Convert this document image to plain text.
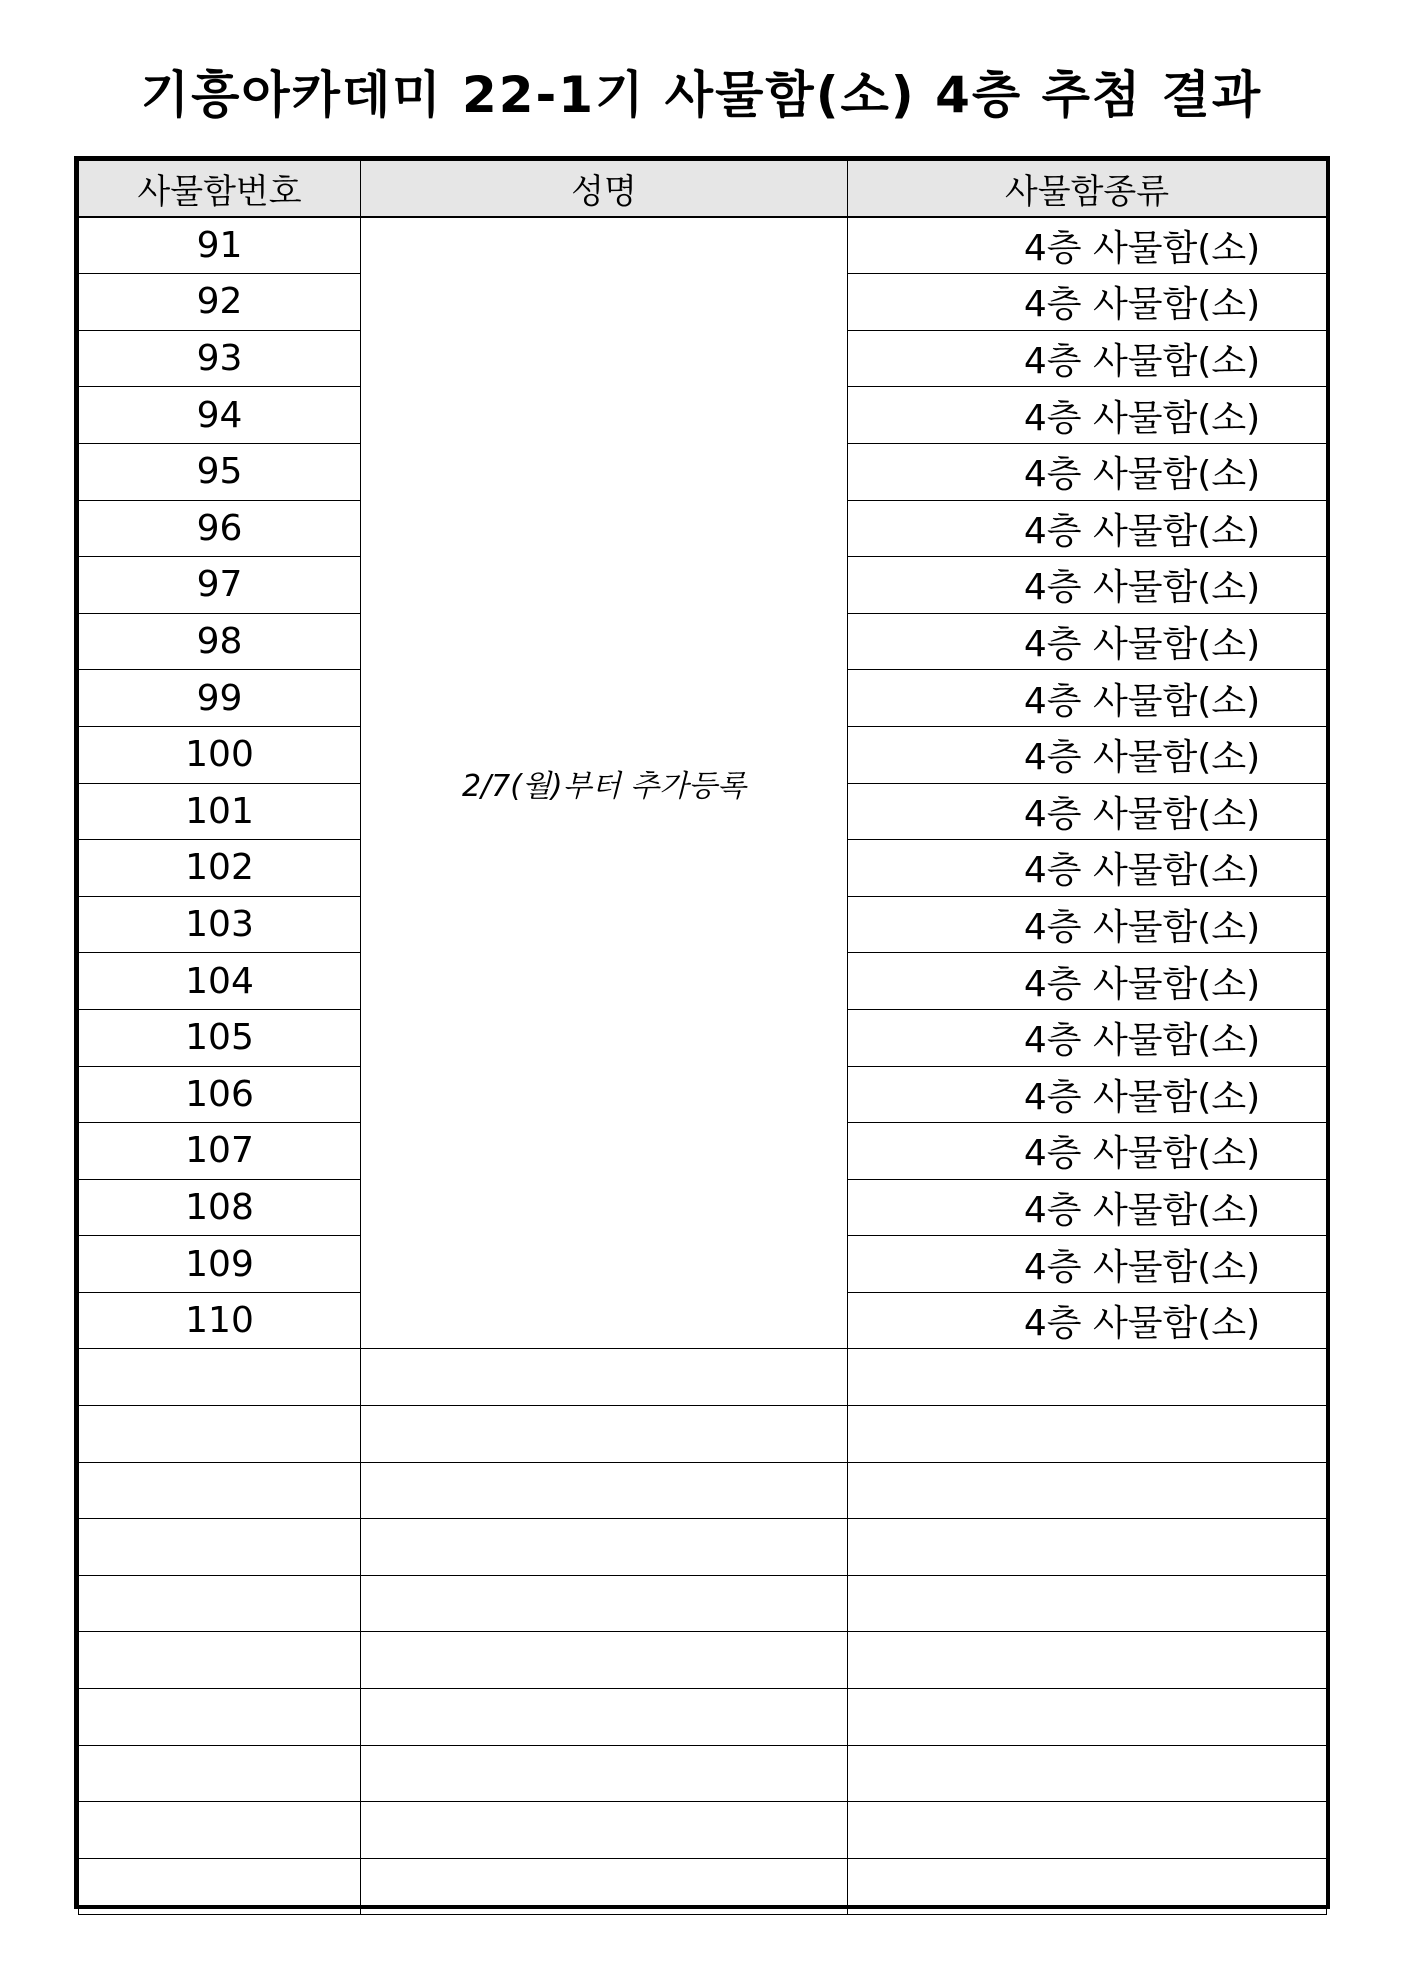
기흥아카데미 22-1기 사물함(소) 4층 추첨 결과
사물함번호	성명	사물함종류
91	2/7(월)부터 추가등록	4층 사물함(소)
92		4층 사물함(소)
93		4층 사물함(소)
94		4층 사물함(소)
95		4층 사물함(소)
96		4층 사물함(소)
97		4층 사물함(소)
98		4층 사물함(소)
99		4층 사물함(소)
100		4층 사물함(소)
101		4층 사물함(소)
102		4층 사물함(소)
103		4층 사물함(소)
104		4층 사물함(소)
105		4층 사물함(소)
106		4층 사물함(소)
107		4층 사물함(소)
108		4층 사물함(소)
109		4층 사물함(소)
110		4층 사물함(소)
